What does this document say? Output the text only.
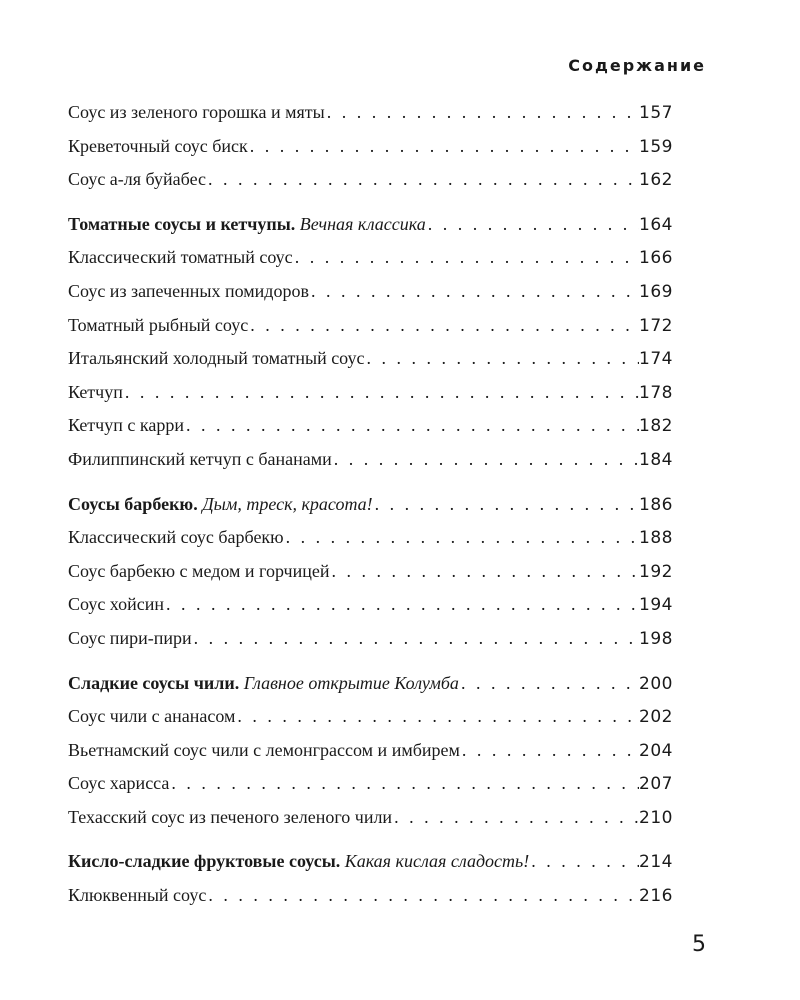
Содержание
Соус из зеленого горошка и мяты . . .	157
Креветочный соус биск . . .	159
Соус а-ля буйабес . . .	162
Томатные соусы и кетчупы. Вечная классика . . .	164
Классический томатный соус . . .	166
Соус из запеченных помидоров . . .	169
Томатный рыбный соус . . .	172
Итальянский холодный томатный соус . . .	174
Кетчуп . . .	178
Кетчуп с карри . . .	182
Филиппинский кетчуп с бананами . . .	184
Соусы барбекю. Дым, треск, красота! . . .	186
Классический соус барбекю . . .	188
Соус барбекю с медом и горчицей . . .	192
Соус хойсин . . .	194
Соус пири-пири . . .	198
Сладкие соусы чили. Главное открытие Колумба . . .	200
Соус чили с ананасом . . .	202
Вьетнамский соус чили с лемонграссом и имбирем . . .	204
Соус харисса . . .	207
Техасский соус из печеного зеленого чили . . .	210
Кисло-сладкие фруктовые соусы. Какая кислая сладость! . . .	214
Клюквенный соус . . .	216
5
